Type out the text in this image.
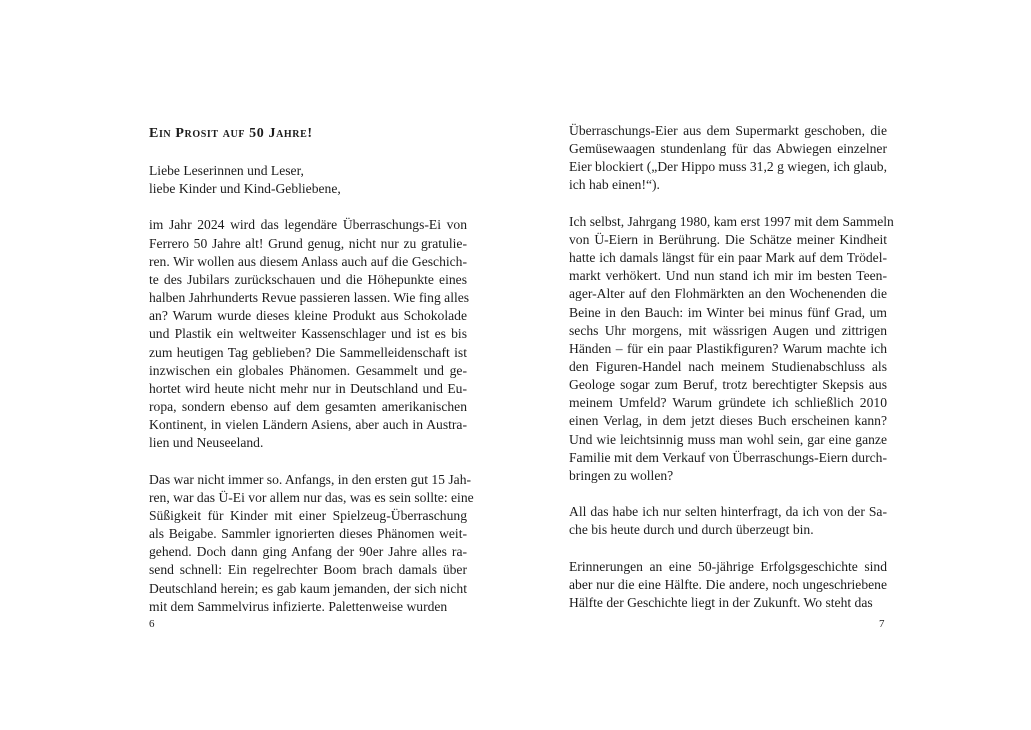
Ein Prosit auf 50 Jahre!

Liebe Leserinnen und Leser,
liebe Kinder und Kind-Gebliebene,

im Jahr 2024 wird das legendäre Überraschungs-Ei von
Ferrero 50 Jahre alt! Grund genug, nicht nur zu gratulie-
ren. Wir wollen aus diesem Anlass auch auf die Geschich-
te des Jubilars zurückschauen und die Höhepunkte eines
halben Jahrhunderts Revue passieren lassen. Wie fing alles
an? Warum wurde dieses kleine Produkt aus Schokolade
und Plastik ein weltweiter Kassenschlager und ist es bis
zum heutigen Tag geblieben? Die Sammelleidenschaft ist
inzwischen ein globales Phänomen. Gesammelt und ge-
hortet wird heute nicht mehr nur in Deutschland und Eu-
ropa, sondern ebenso auf dem gesamten amerikanischen
Kontinent, in vielen Ländern Asiens, aber auch in Austra-
lien und Neuseeland.

Das war nicht immer so. Anfangs, in den ersten gut 15 Jah-
ren, war das Ü-Ei vor allem nur das, was es sein sollte: eine
Süßigkeit für Kinder mit einer Spielzeug-Überraschung
als Beigabe. Sammler ignorierten dieses Phänomen weit-
gehend. Doch dann ging Anfang der 90er Jahre alles ra-
send schnell: Ein regelrechter Boom brach damals über
Deutschland herein; es gab kaum jemanden, der sich nicht
mit dem Sammelvirus infizierte. Palettenweise wurden

6

Überraschungs-Eier aus dem Supermarkt geschoben, die
Gemüsewaagen stundenlang für das Abwiegen einzelner
Eier blockiert („Der Hippo muss 31,2 g wiegen, ich glaub,
ich hab einen!“).

Ich selbst, Jahrgang 1980, kam erst 1997 mit dem Sammeln
von Ü-Eiern in Berührung. Die Schätze meiner Kindheit
hatte ich damals längst für ein paar Mark auf dem Trödel-
markt verhökert. Und nun stand ich mir im besten Teen-
ager-Alter auf den Flohmärkten an den Wochenenden die
Beine in den Bauch: im Winter bei minus fünf Grad, um
sechs Uhr morgens, mit wässrigen Augen und zittrigen
Händen – für ein paar Plastikfiguren? Warum machte ich
den Figuren-Handel nach meinem Studienabschluss als
Geologe sogar zum Beruf, trotz berechtigter Skepsis aus
meinem Umfeld? Warum gründete ich schließlich 2010
einen Verlag, in dem jetzt dieses Buch erscheinen kann?
Und wie leichtsinnig muss man wohl sein, gar eine ganze
Familie mit dem Verkauf von Überraschungs-Eiern durch-
bringen zu wollen?

All das habe ich nur selten hinterfragt, da ich von der Sa-
che bis heute durch und durch überzeugt bin.

Erinnerungen an eine 50-jährige Erfolgsgeschichte sind
aber nur die eine Hälfte. Die andere, noch ungeschriebene
Hälfte der Geschichte liegt in der Zukunft. Wo steht das

7
